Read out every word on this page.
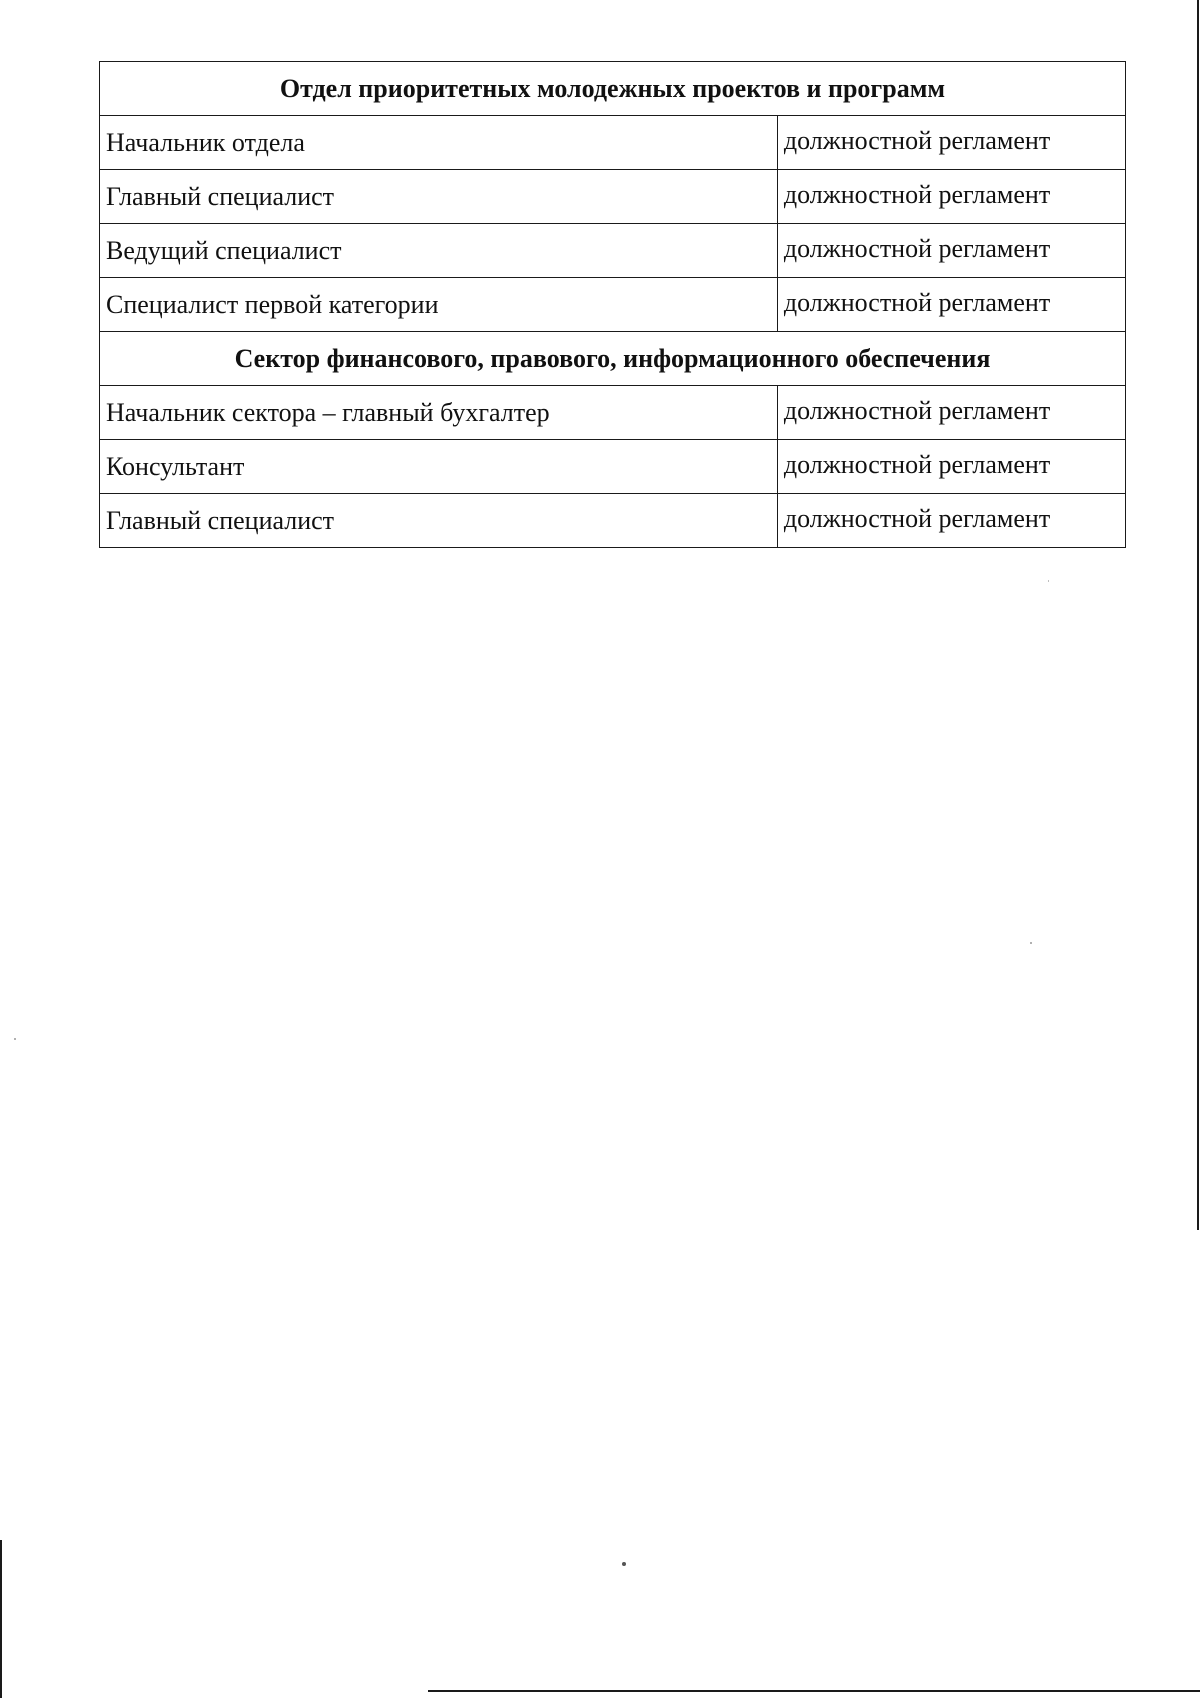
Отдел приоритетных молодежных проектов и программ	
Начальник отдела	должностной регламент
Главный специалист	должностной регламент
Ведущий специалист	должностной регламент
Специалист первой категории	должностной регламент
Сектор финансового, правового, информационного обеспечения	
Начальник сектора – главный бухгалтер	должностной регламент
Консультант	должностной регламент
Главный специалист	должностной регламент
